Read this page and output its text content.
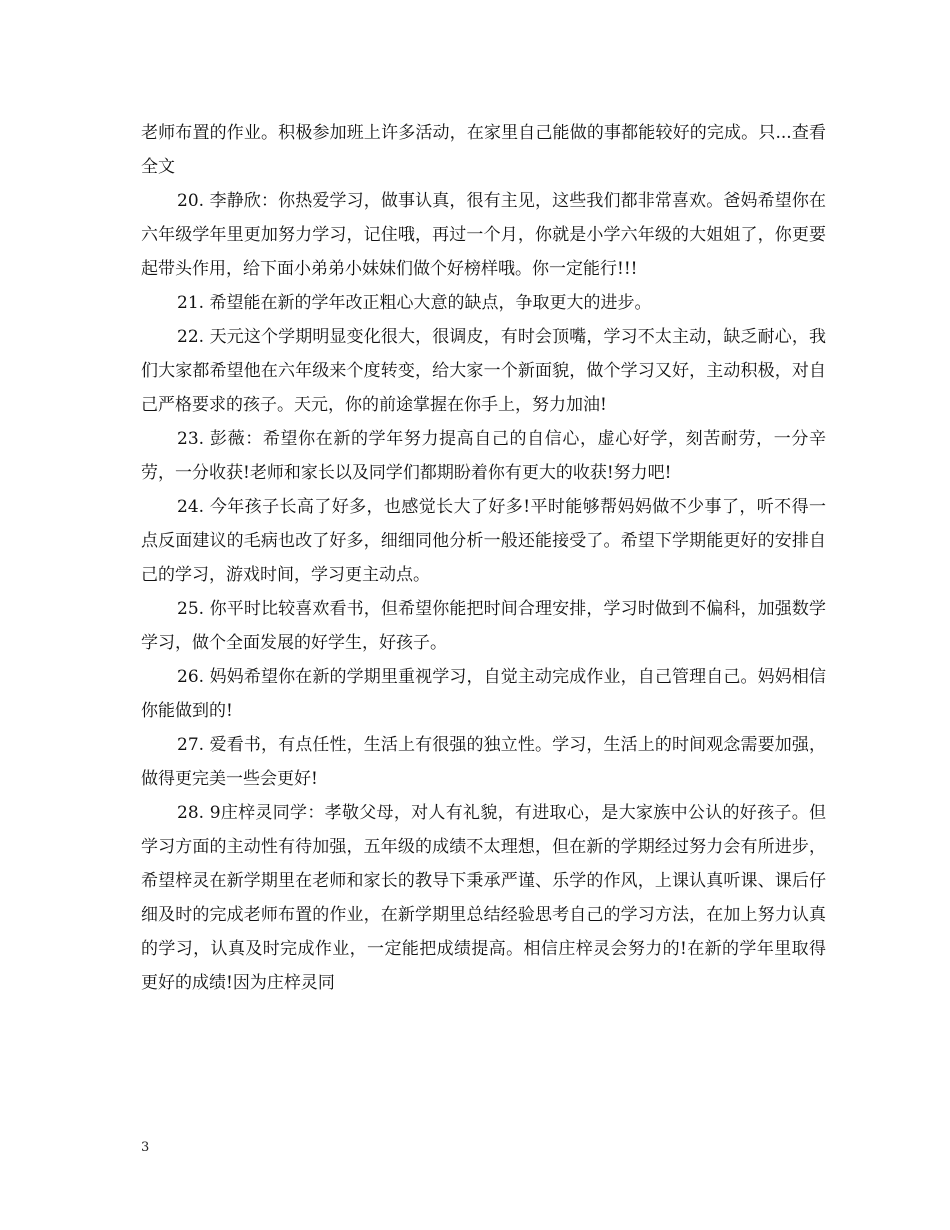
老师布置的作业。积极参加班上许多活动，在家里自己能做的事都能较好的完成。只...查看全文

20. 李静欣：你热爱学习，做事认真，很有主见，这些我们都非常喜欢。爸妈希望你在六年级学年里更加努力学习，记住哦，再过一个月，你就是小学六年级的大姐姐了，你更要起带头作用，给下面小弟弟小妹妹们做个好榜样哦。你一定能行!!!

21. 希望能在新的学年改正粗心大意的缺点，争取更大的进步。

22. 天元这个学期明显变化很大，很调皮，有时会顶嘴，学习不太主动，缺乏耐心，我们大家都希望他在六年级来个度转变，给大家一个新面貌，做个学习又好，主动积极，对自己严格要求的孩子。天元，你的前途掌握在你手上，努力加油!

23. 彭薇：希望你在新的学年努力提高自己的自信心，虚心好学，刻苦耐劳，一分辛劳，一分收获!老师和家长以及同学们都期盼着你有更大的收获!努力吧!

24. 今年孩子长高了好多，也感觉长大了好多!平时能够帮妈妈做不少事了，听不得一点反面建议的毛病也改了好多，细细同他分析一般还能接受了。希望下学期能更好的安排自己的学习，游戏时间，学习更主动点。

25. 你平时比较喜欢看书，但希望你能把时间合理安排，学习时做到不偏科，加强数学学习，做个全面发展的好学生，好孩子。

26. 妈妈希望你在新的学期里重视学习，自觉主动完成作业，自己管理自己。妈妈相信你能做到的!

27. 爱看书，有点任性，生活上有很强的独立性。学习，生活上的时间观念需要加强，做得更完美一些会更好!

28. 9庄梓灵同学：孝敬父母，对人有礼貌，有进取心，是大家族中公认的好孩子。但学习方面的主动性有待加强，五年级的成绩不太理想，但在新的学期经过努力会有所进步，希望梓灵在新学期里在老师和家长的教导下秉承严谨、乐学的作风，上课认真听课、课后仔细及时的完成老师布置的作业，在新学期里总结经验思考自己的学习方法，在加上努力认真的学习，认真及时完成作业，一定能把成绩提高。相信庄梓灵会努力的!在新的学年里取得更好的成绩!因为庄梓灵同

3
